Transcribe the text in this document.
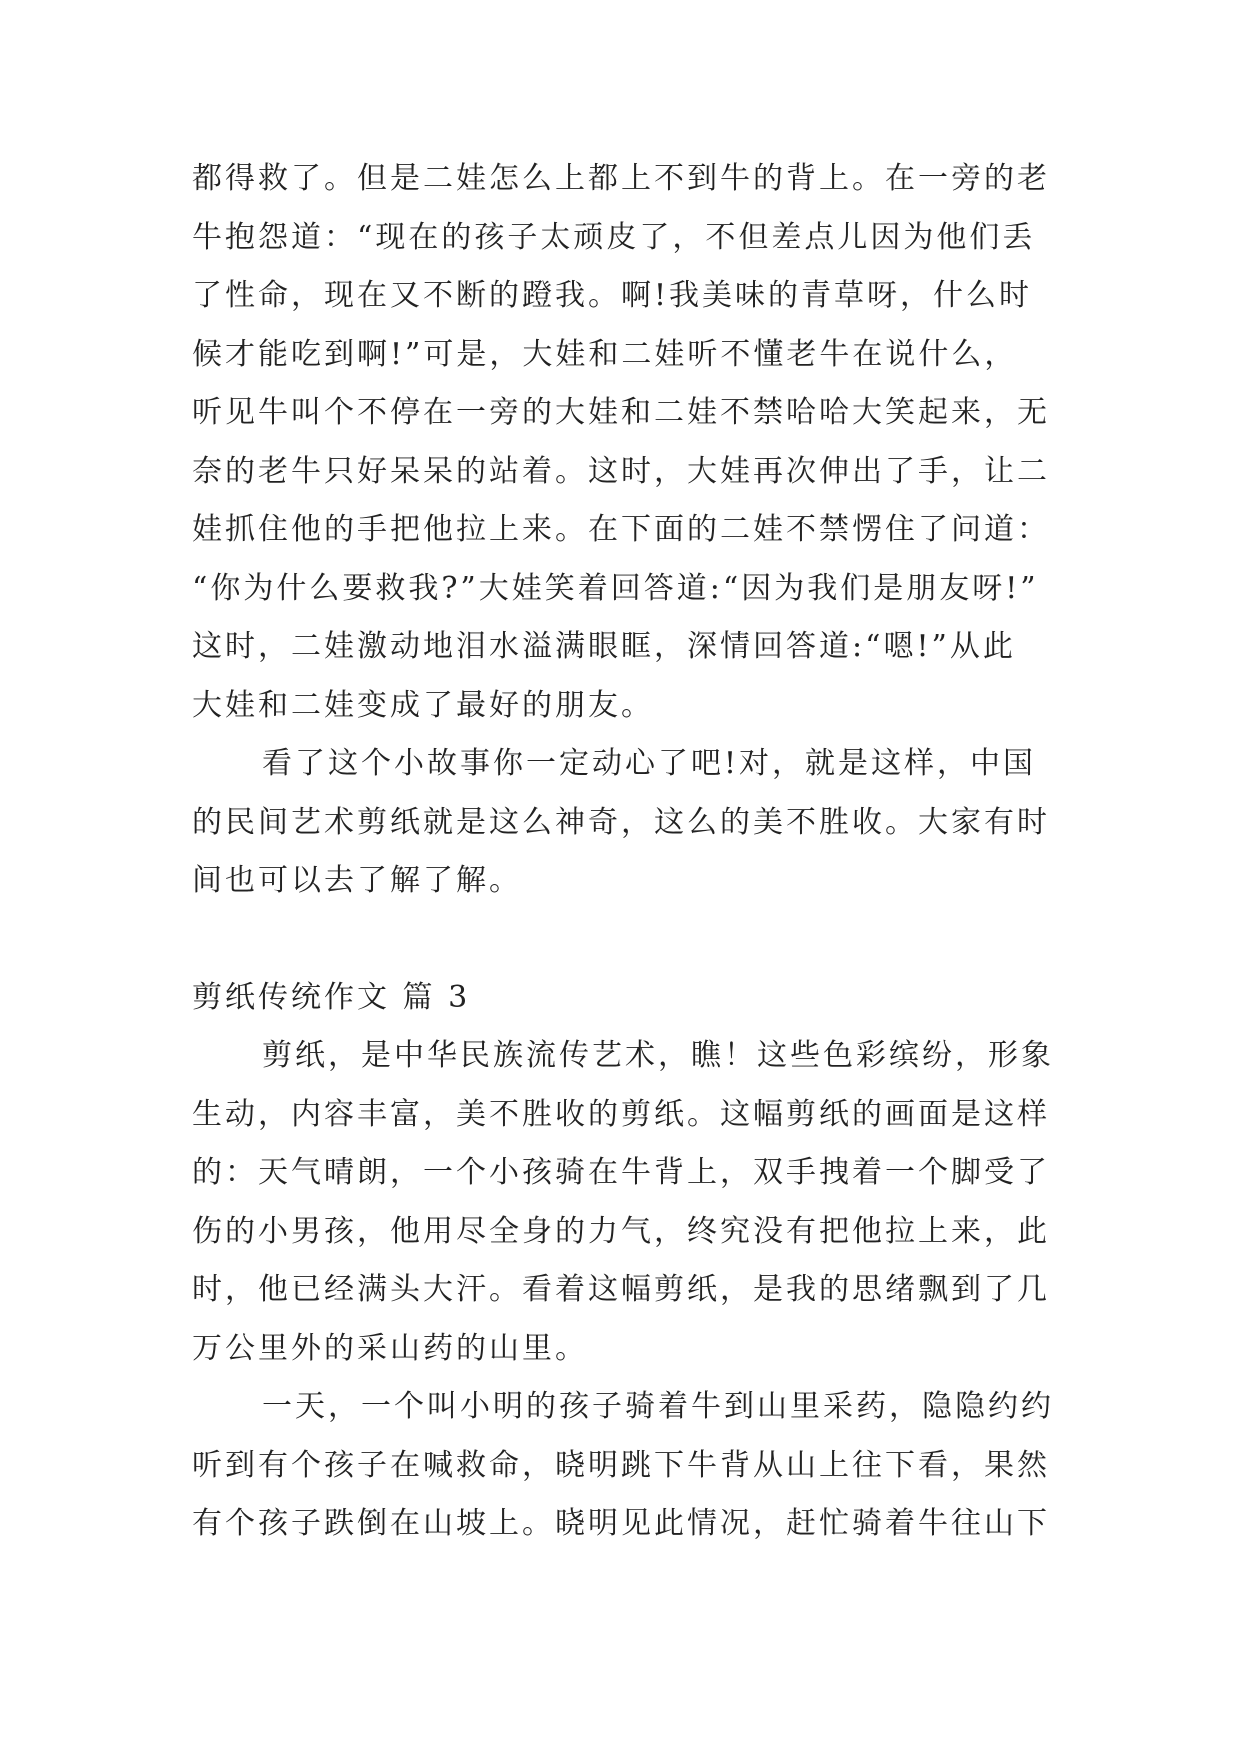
都得救了。但是二娃怎么上都上不到牛的背上。在一旁的老

牛抱怨道：“现在的孩子太顽皮了，不但差点儿因为他们丢

了性命，现在又不断的蹬我。啊!我美味的青草呀，什么时

候才能吃到啊!”可是，大娃和二娃听不懂老牛在说什么，

听见牛叫个不停在一旁的大娃和二娃不禁哈哈大笑起来，无

奈的老牛只好呆呆的站着。这时，大娃再次伸出了手，让二

娃抓住他的手把他拉上来。在下面的二娃不禁愣住了问道：

“你为什么要救我?”大娃笑着回答道:“因为我们是朋友呀!”

这时，二娃激动地泪水溢满眼眶，深情回答道:“嗯!”从此

大娃和二娃变成了最好的朋友。

看了这个小故事你一定动心了吧!对，就是这样，中国

的民间艺术剪纸就是这么神奇，这么的美不胜收。大家有时

间也可以去了解了解。

剪纸传统作文 篇 3

剪纸，是中华民族流传艺术，瞧！这些色彩缤纷，形象

生动，内容丰富，美不胜收的剪纸。这幅剪纸的画面是这样

的：天气晴朗，一个小孩骑在牛背上，双手拽着一个脚受了

伤的小男孩，他用尽全身的力气，终究没有把他拉上来，此

时，他已经满头大汗。看着这幅剪纸，是我的思绪飘到了几

万公里外的采山药的山里。

一天，一个叫小明的孩子骑着牛到山里采药，隐隐约约

听到有个孩子在喊救命，晓明跳下牛背从山上往下看，果然

有个孩子跌倒在山坡上。晓明见此情况，赶忙骑着牛往山下
